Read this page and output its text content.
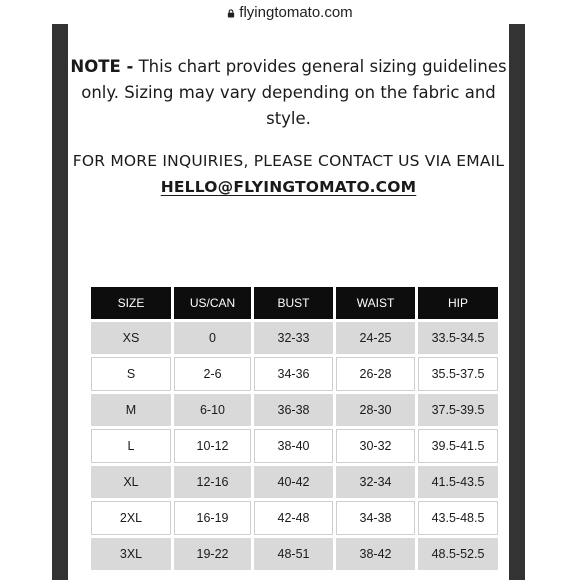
flyingtomato.com
NOTE - This chart provides general sizing guidelines only. Sizing may vary depending on the fabric and style.
FOR MORE INQUIRIES, PLEASE CONTACT US VIA EMAIL HELLO@FLYINGTOMATO.COM
SIZE	US/CAN	BUST	WAIST	HIP
XS	0	32-33	24-25	33.5-34.5
S	2-6	34-36	26-28	35.5-37.5
M	6-10	36-38	28-30	37.5-39.5
L	10-12	38-40	30-32	39.5-41.5
XL	12-16	40-42	32-34	41.5-43.5
2XL	16-19	42-48	34-38	43.5-48.5
3XL	19-22	48-51	38-42	48.5-52.5
